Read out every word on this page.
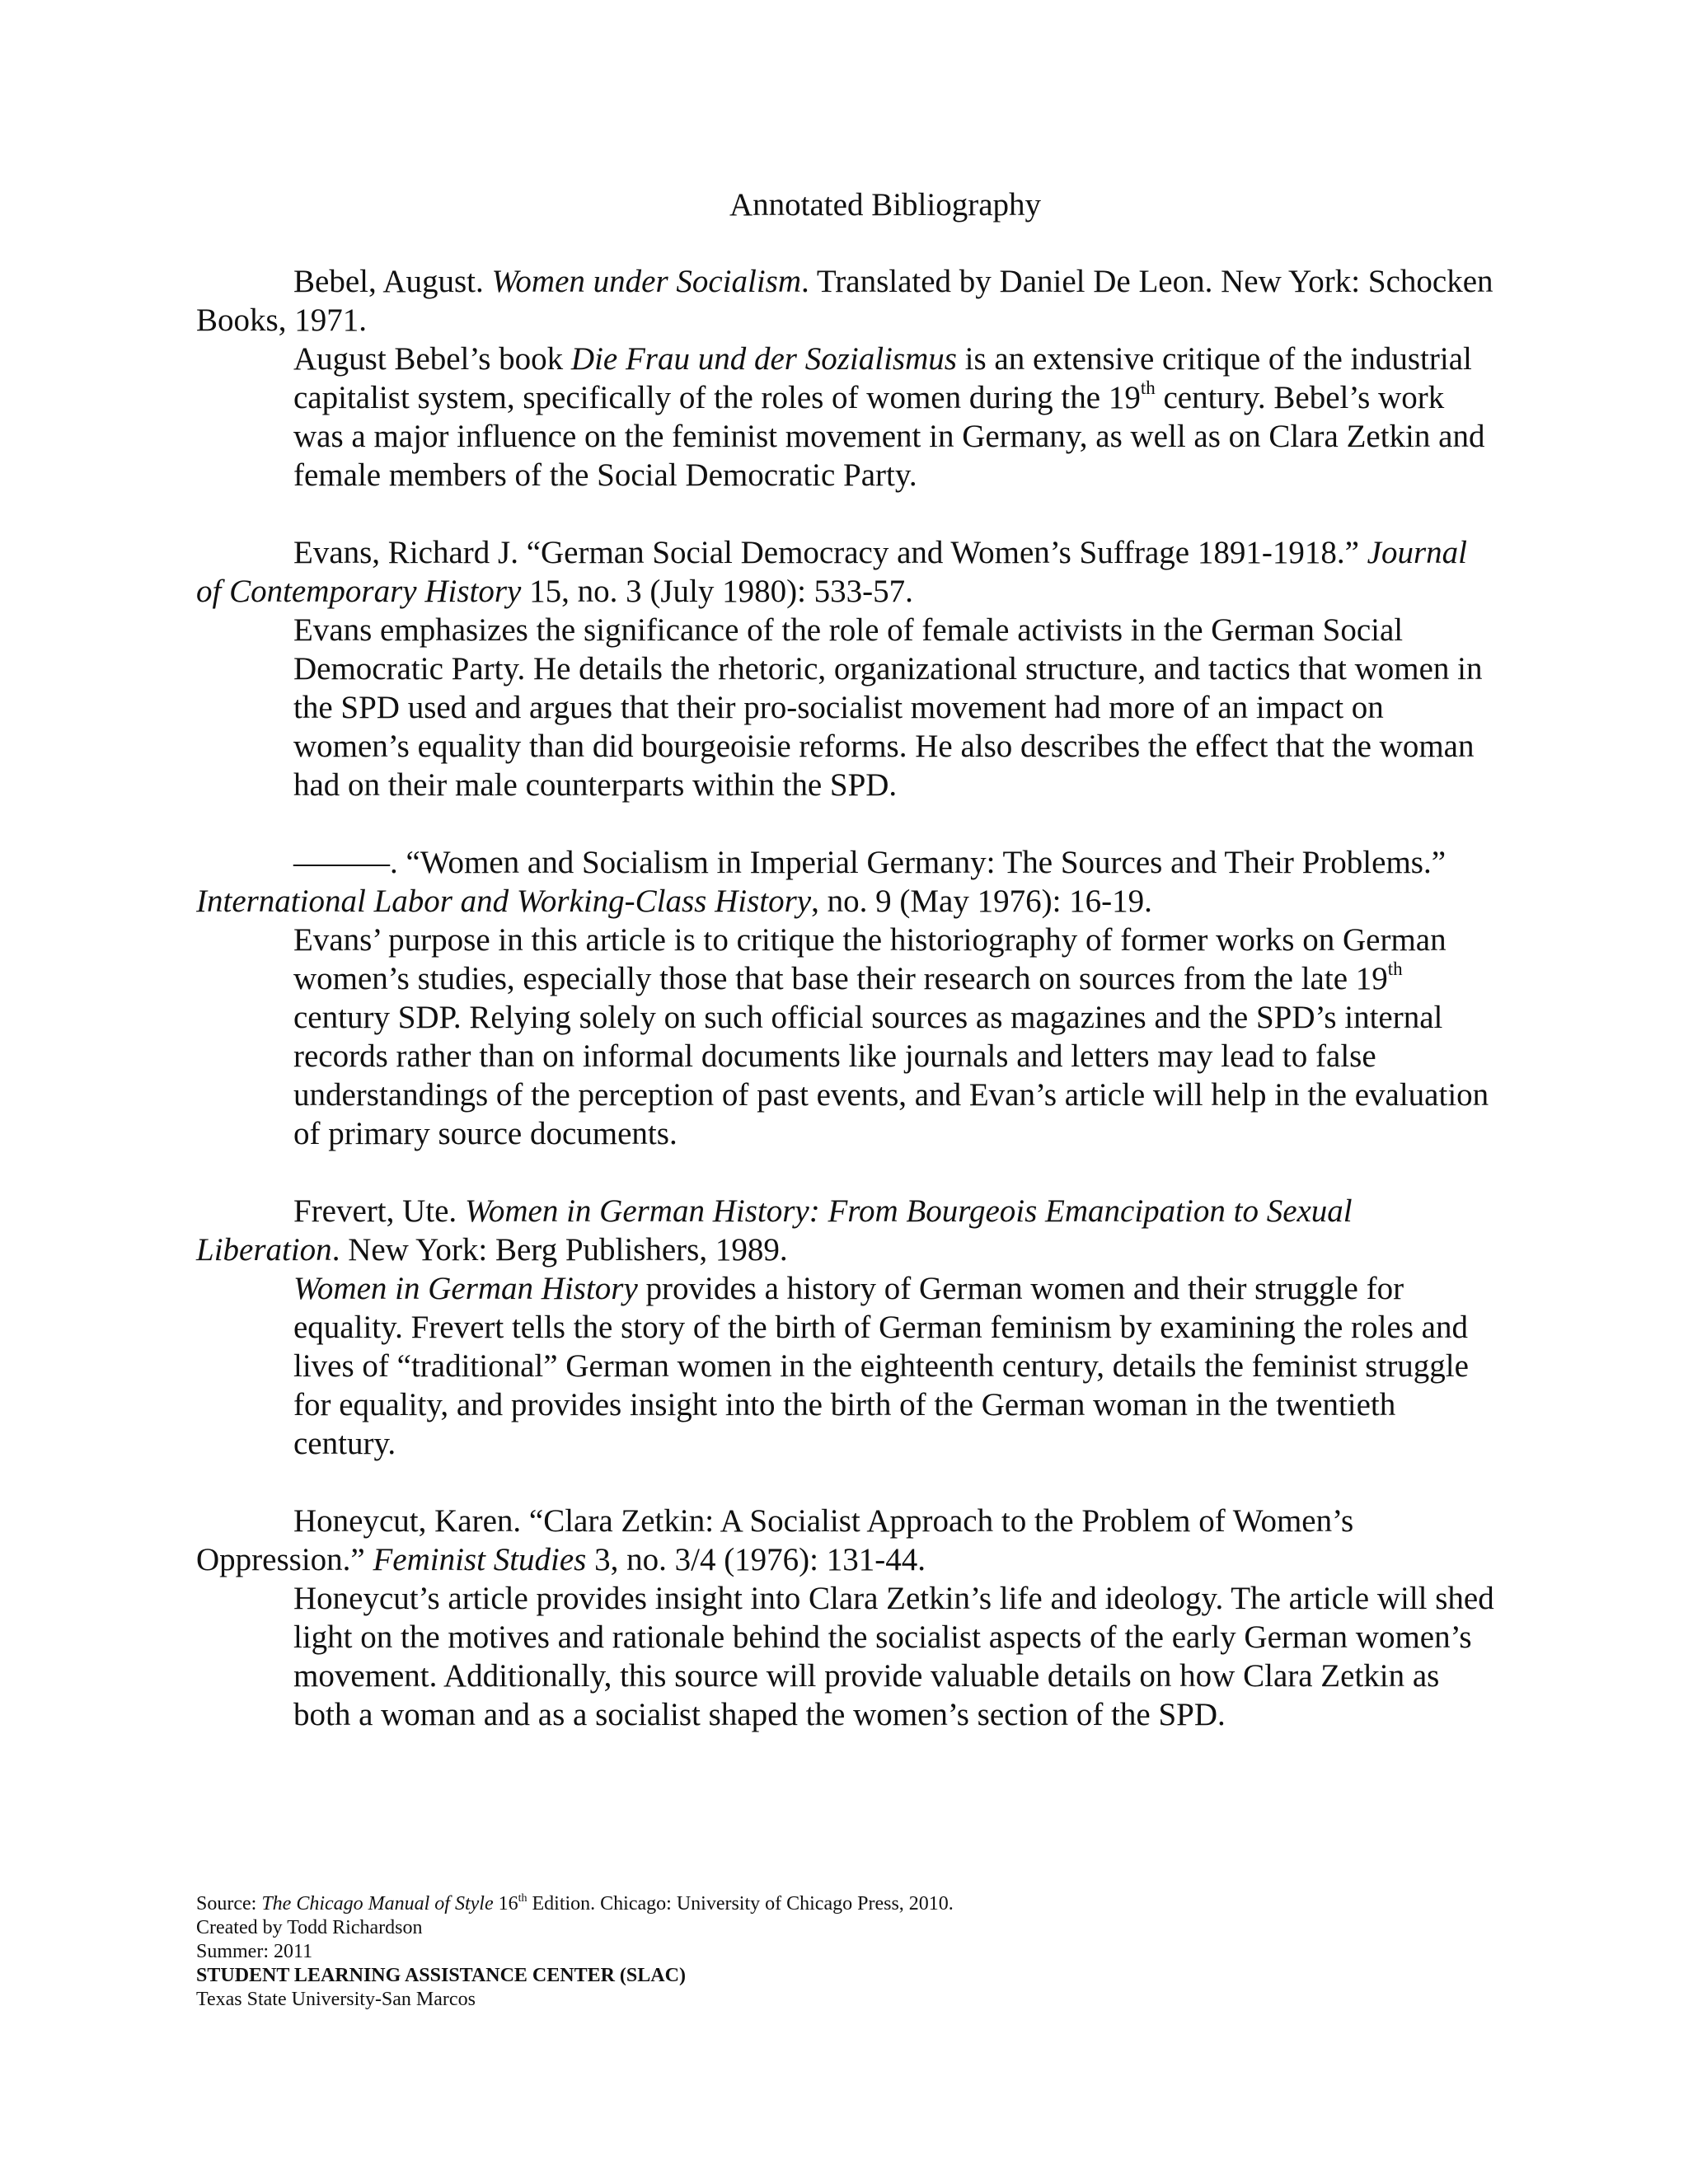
Annotated Bibliography

Bebel, August. Women under Socialism. Translated by Daniel De Leon. New York: Schocken Books, 1971.

August Bebel’s book Die Frau und der Sozialismus is an extensive critique of the industrial capitalist system, specifically of the roles of women during the 19th century. Bebel’s work was a major influence on the feminist movement in Germany, as well as on Clara Zetkin and female members of the Social Democratic Party.

Evans, Richard J. “German Social Democracy and Women’s Suffrage 1891-1918.” Journal of Contemporary History 15, no. 3 (July 1980): 533-57.

Evans emphasizes the significance of the role of female activists in the German Social Democratic Party. He details the rhetoric, organizational structure, and tactics that women in the SPD used and argues that their pro-socialist movement had more of an impact on women’s equality than did bourgeoisie reforms. He also describes the effect that the woman had on their male counterparts within the SPD.

———. “Women and Socialism in Imperial Germany: The Sources and Their Problems.” International Labor and Working-Class History, no. 9 (May 1976): 16-19.

Evans’ purpose in this article is to critique the historiography of former works on German women’s studies, especially those that base their research on sources from the late 19th century SDP. Relying solely on such official sources as magazines and the SPD’s internal records rather than on informal documents like journals and letters may lead to false understandings of the perception of past events, and Evan’s article will help in the evaluation of primary source documents.

Frevert, Ute. Women in German History: From Bourgeois Emancipation to Sexual Liberation. New York: Berg Publishers, 1989.

Women in German History provides a history of German women and their struggle for equality. Frevert tells the story of the birth of German feminism by examining the roles and lives of “traditional” German women in the eighteenth century, details the feminist struggle for equality, and provides insight into the birth of the German woman in the twentieth century.

Honeycut, Karen. “Clara Zetkin: A Socialist Approach to the Problem of Women’s Oppression.” Feminist Studies 3, no. 3/4 (1976): 131-44.

Honeycut’s article provides insight into Clara Zetkin’s life and ideology. The article will shed light on the motives and rationale behind the socialist aspects of the early German women’s movement. Additionally, this source will provide valuable details on how Clara Zetkin as both a woman and as a socialist shaped the women’s section of the SPD.

Source: The Chicago Manual of Style 16th Edition. Chicago: University of Chicago Press, 2010.
Created by Todd Richardson
Summer: 2011
STUDENT LEARNING ASSISTANCE CENTER (SLAC)
Texas State University-San Marcos
